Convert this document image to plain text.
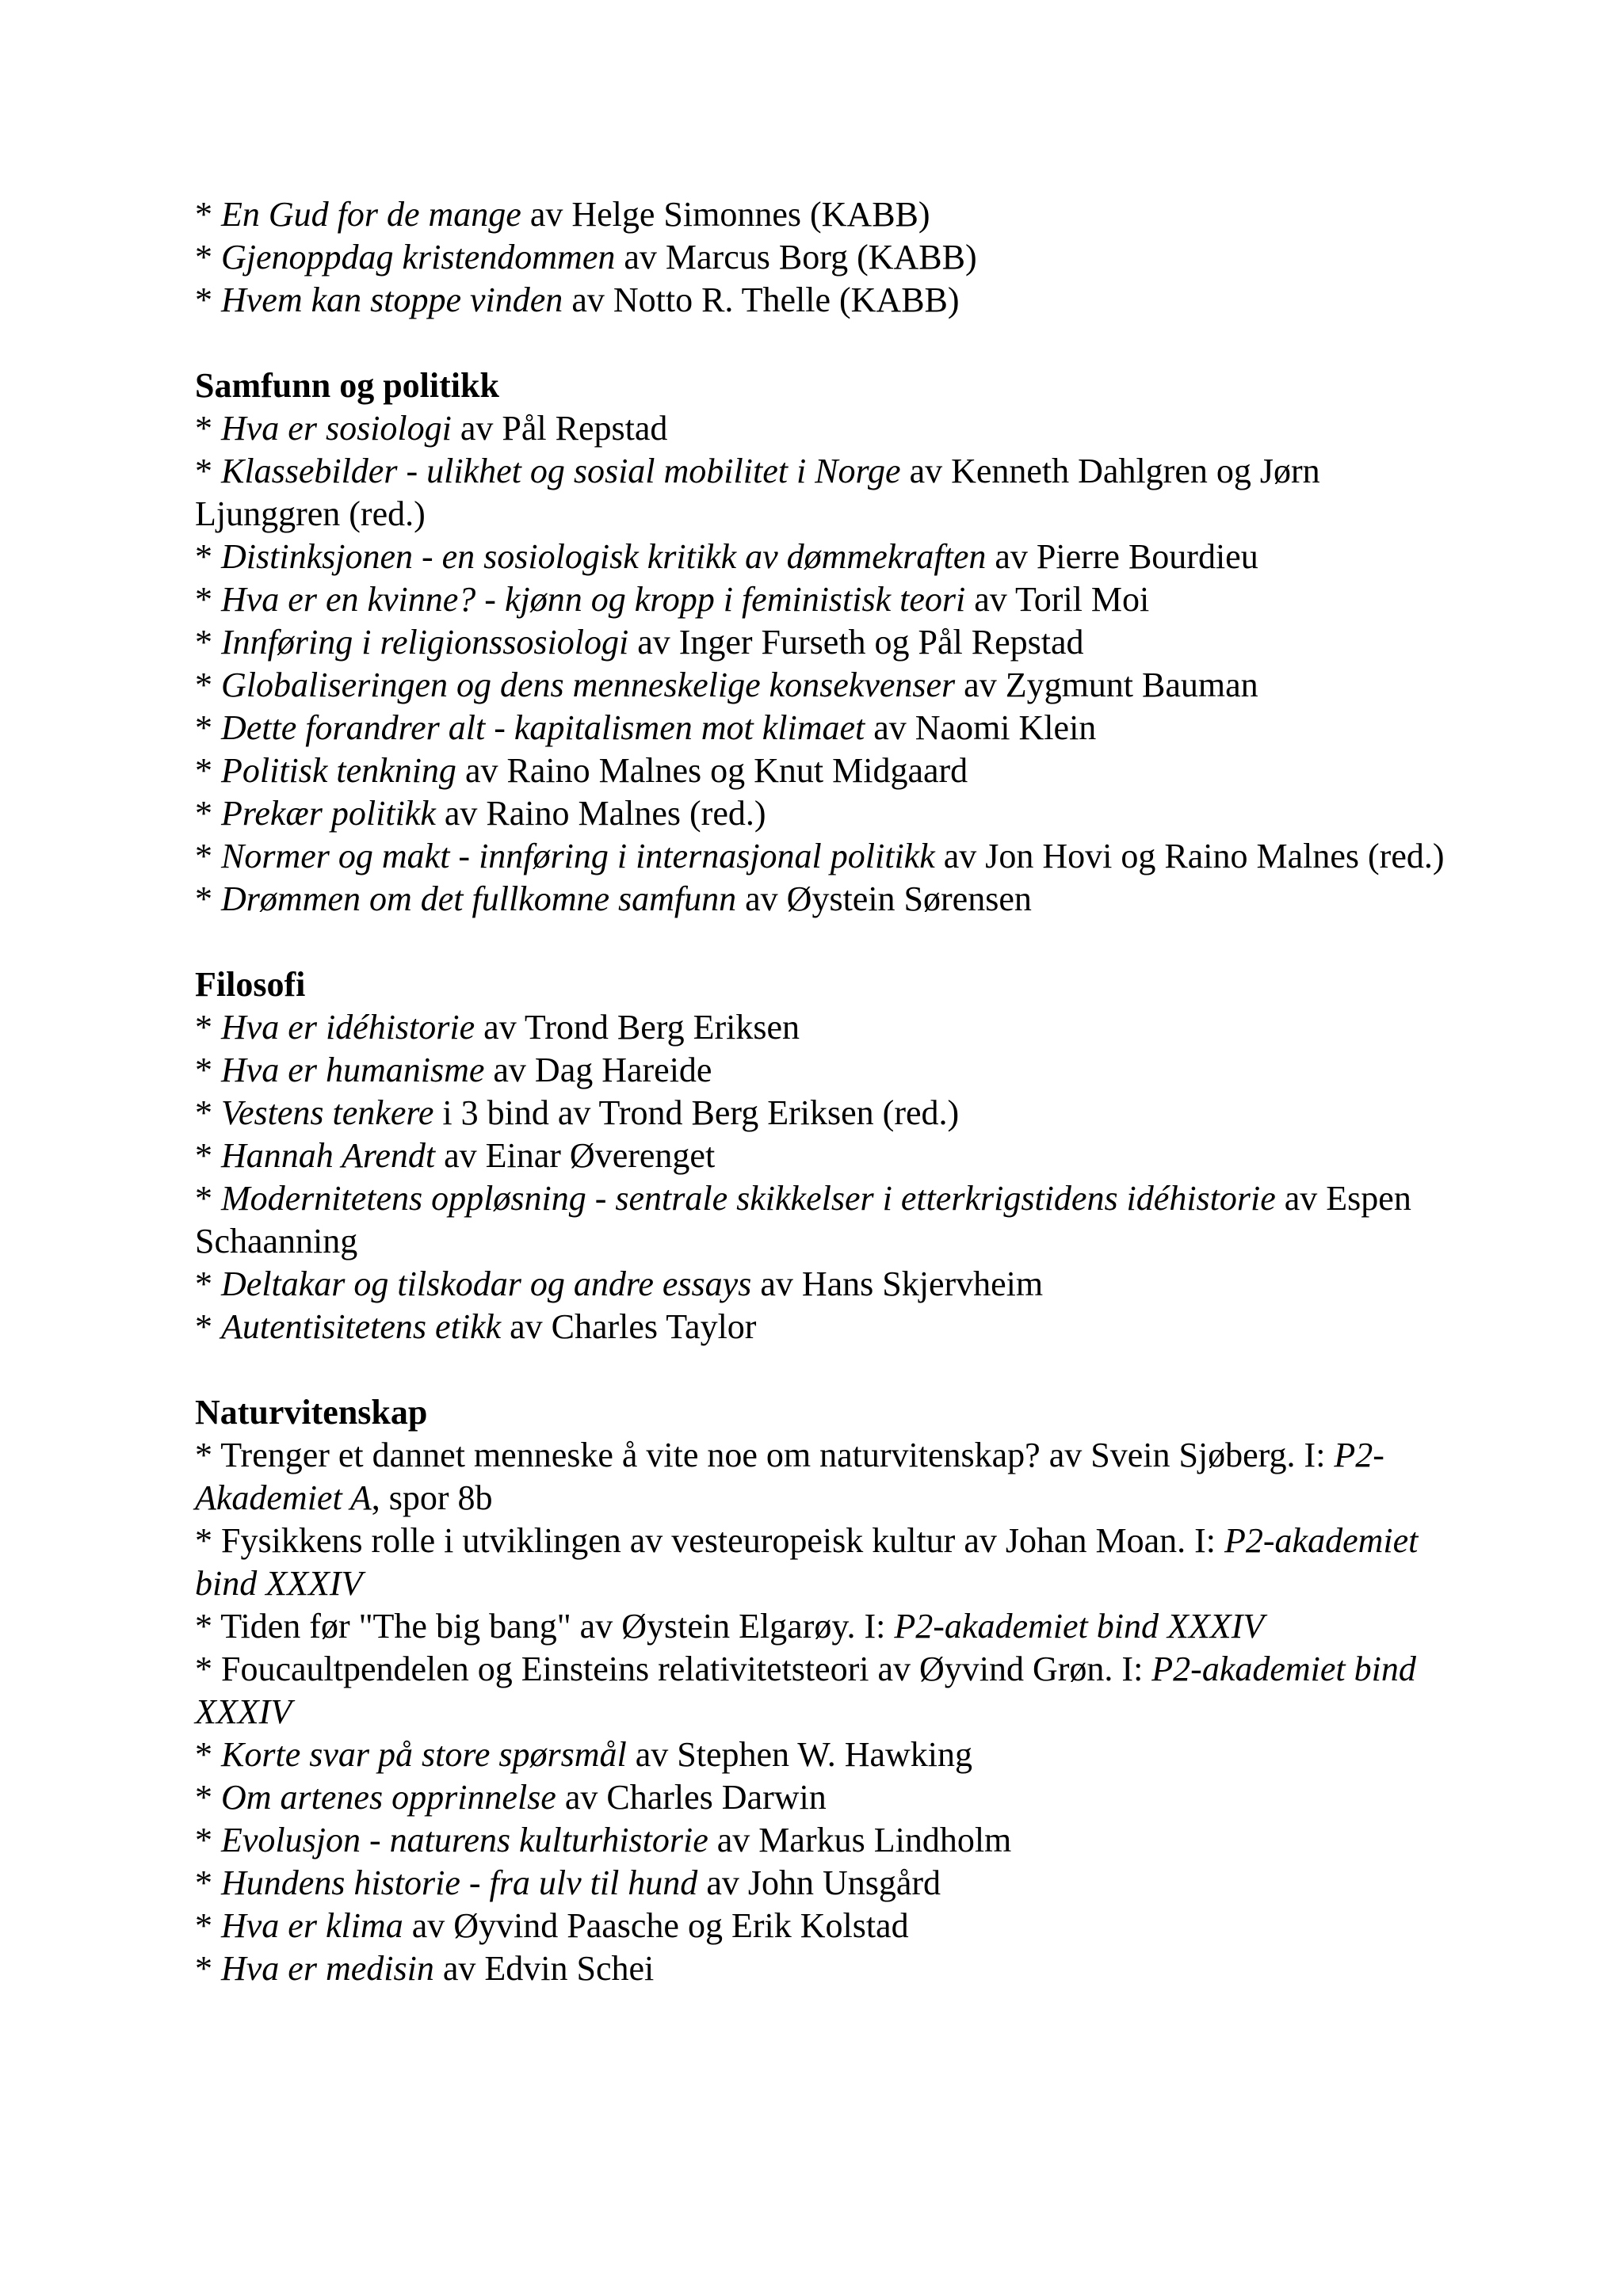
* En Gud for de mange av Helge Simonnes (KABB)

* Gjenoppdag kristendommen av Marcus Borg (KABB)

* Hvem kan stoppe vinden av Notto R. Thelle (KABB)

Samfunn og politikk

* Hva er sosiologi av Pål Repstad

* Klassebilder - ulikhet og sosial mobilitet i Norge av Kenneth Dahlgren og Jørn Ljunggren (red.)

* Distinksjonen - en sosiologisk kritikk av dømmekraften av Pierre Bourdieu

* Hva er en kvinne? - kjønn og kropp i feministisk teori av Toril Moi

* Innføring i religionssosiologi av Inger Furseth og Pål Repstad

* Globaliseringen og dens menneskelige konsekvenser av Zygmunt Bauman

* Dette forandrer alt - kapitalismen mot klimaet av Naomi Klein

* Politisk tenkning av Raino Malnes og Knut Midgaard

* Prekær politikk av Raino Malnes (red.)

* Normer og makt - innføring i internasjonal politikk av Jon Hovi og Raino Malnes (red.)

* Drømmen om det fullkomne samfunn av Øystein Sørensen

Filosofi

* Hva er idéhistorie av Trond Berg Eriksen

* Hva er humanisme av Dag Hareide

* Vestens tenkere i 3 bind av Trond Berg Eriksen (red.)

* Hannah Arendt av Einar Øverenget

* Modernitetens oppløsning - sentrale skikkelser i etterkrigstidens idéhistorie av Espen Schaanning

* Deltakar og tilskodar og andre essays av Hans Skjervheim

* Autentisitetens etikk av Charles Taylor

Naturvitenskap

* Trenger et dannet menneske å vite noe om naturvitenskap? av Svein Sjøberg. I: P2-Akademiet A, spor 8b

* Fysikkens rolle i utviklingen av vesteuropeisk kultur av Johan Moan. I: P2-akademiet bind XXXIV

* Tiden før "The big bang" av Øystein Elgarøy. I: P2-akademiet bind XXXIV

* Foucaultpendelen og Einsteins relativitetsteori av Øyvind Grøn. I: P2-akademiet bind XXXIV

* Korte svar på store spørsmål av Stephen W. Hawking

* Om artenes opprinnelse av Charles Darwin

* Evolusjon - naturens kulturhistorie av Markus Lindholm

* Hundens historie - fra ulv til hund av John Unsgård

* Hva er klima av Øyvind Paasche og Erik Kolstad

* Hva er medisin av Edvin Schei
